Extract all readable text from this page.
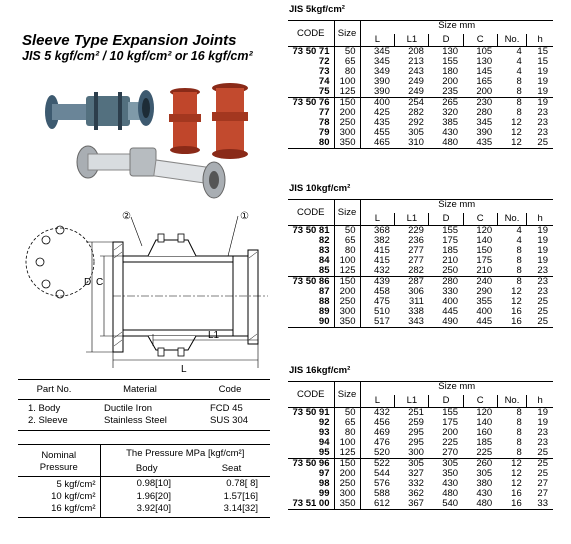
Sleeve Type Expansion Joints
JIS 5 kgf/cm² / 10 kgf/cm² or 16 kgf/cm²
②	①
D C
L1
L
Part No.	Material	Code
1. Body	Ductile Iron	FCD 45
2. Sleeve	Stainless Steel	SUS 304
Nominal Pressure	The Pressure MPa [kgf/cm²]	
	Body	Seat
5 kgf/cm²	0.98[10]	0.78[ 8]
10 kgf/cm²	1.96[20]	1.57[16]
16 kgf/cm²	3.92[40]	3.14[32]
JIS 5kgf/cm²
CODE	Size	Size mm					
		L	L1	D	C	No.	h
73 50 71	50	345	208	130	105	4	15
72	65	345	213	155	130	4	15
73	80	349	243	180	145	4	19
74	100	390	249	200	165	8	19
75	125	390	249	235	200	8	19
73 50 76	150	400	254	265	230	8	19
77	200	425	282	320	280	8	23
78	250	435	292	385	345	12	23
79	300	455	305	430	390	12	23
80	350	465	310	480	435	12	25
JIS 10kgf/cm²
CODE	Size	Size mm					
		L	L1	D	C	No.	h
73 50 81	50	368	229	155	120	4	19
82	65	382	236	175	140	4	19
83	80	415	277	185	150	8	19
84	100	415	277	210	175	8	19
85	125	432	282	250	210	8	23
73 50 86	150	439	287	280	240	8	23
87	200	458	306	330	290	12	23
88	250	475	311	400	355	12	25
89	300	510	338	445	400	16	25
90	350	517	343	490	445	16	25
JIS 16kgf/cm²
CODE	Size	Size mm					
		L	L1	D	C	No.	h
73 50 91	50	432	251	155	120	8	19
92	65	456	259	175	140	8	19
93	80	469	295	200	160	8	23
94	100	476	295	225	185	8	23
95	125	520	300	270	225	8	25
73 50 96	150	522	305	305	260	12	25
97	200	544	327	350	305	12	25
98	250	576	332	430	380	12	27
99	300	588	362	480	430	16	27
73 51 00	350	612	367	540	480	16	33
